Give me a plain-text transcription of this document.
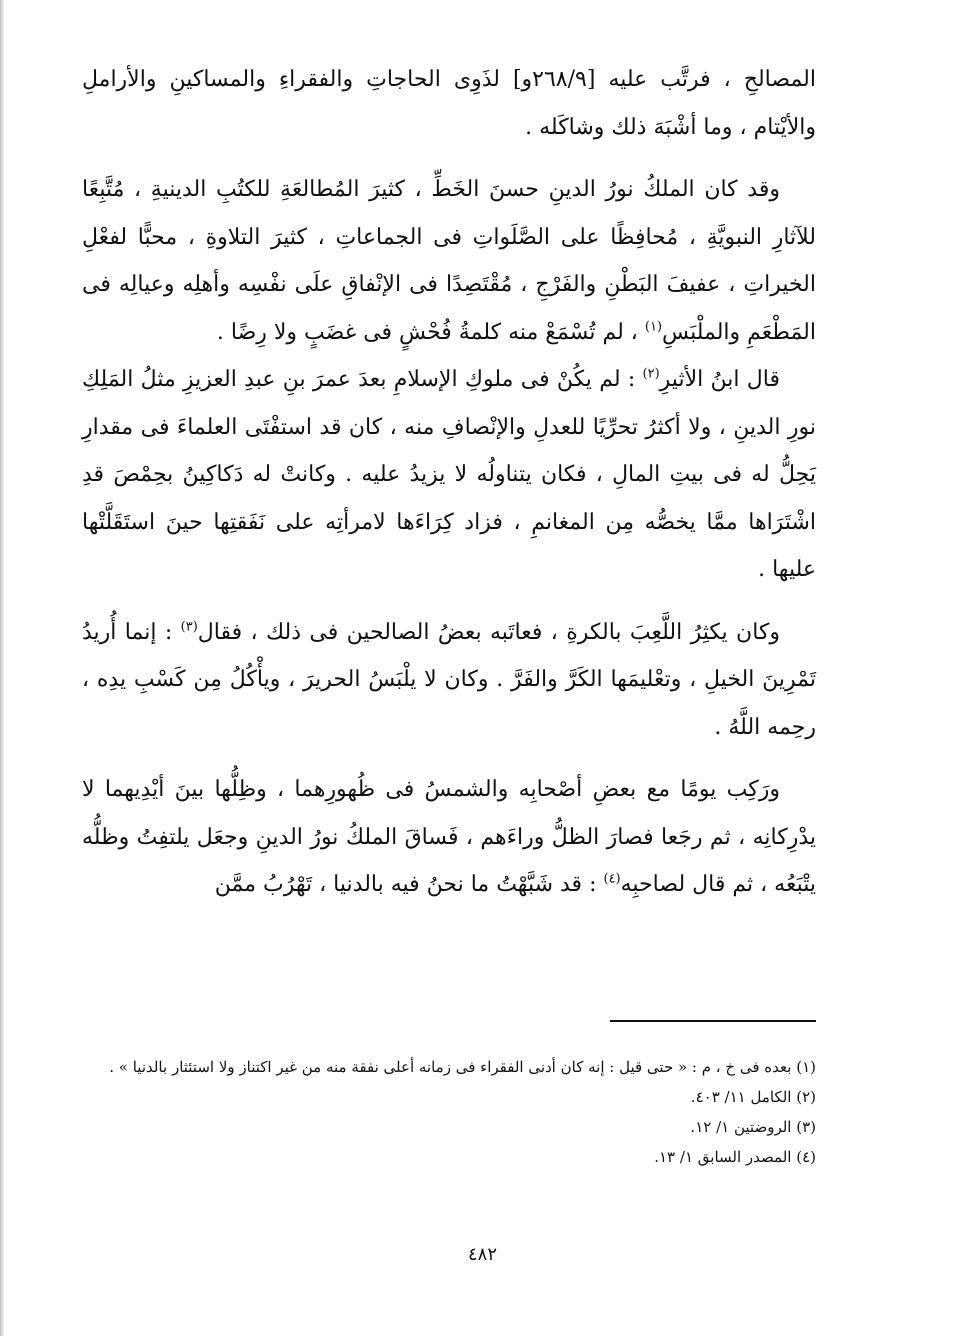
المصالحِ ، فرتَّب عليه [٢٦٨/٩و] لذَوِى الحاجاتِ والفقراءِ والمساكينِ والأراملِ والأيْتام ، وما أشْبَهَ ذلك وشاكَله .

وقد كان الملكُ نورُ الدينِ حسنَ الخَطِّ ، كثيرَ المُطالعَةِ للكتُبِ الدينيةِ ، مُتَّبِعًا للآثارِ النبويَّةِ ، مُحافِظًا على الصَّلَواتِ فى الجماعاتِ ، كثيرَ التلاوةِ ، محبًّا لفعْلِ الخيراتِ ، عفيفَ البَطْنِ والفَرْجِ ، مُقْتَصِدًا فى الإنْفاقِ علَى نفْسِه وأهلِه وعيالِه فى المَطْعَمِ والملْبَسِ$^{(١)}$ ، لم تُسْمَعْ منه كلمةُ فُحْشٍ فى غضَبٍ ولا رِضًا .

قال ابنُ الأثيرِ$^{(٢)}$ : لم يكُنْ فى ملوكِ الإسلامِ بعدَ عمرَ بنِ عبدِ العزيزِ مثلُ المَلِكِ نورِ الدينِ ، ولا أكثرُ تحرِّيًا للعدلِ والإنْصافِ منه ، كان قد استفْتَى العلماءَ فى مقدارِ يَحِلُّ له فى بيتِ المالِ ، فكان يتناولُه لا يزيدُ عليه . وكانتْ له دَكاكِينُ بحِمْصَ قدِ اشْتَرَاها ممَّا يخصُّه مِن المغانمِ ، فزاد كِرَاءَها لامرأتِه على نَفَقتِها حينَ استَقَلَّتْها عليها .

وكان يكثِرُ اللَّعِبَ بالكرةِ ، فعاتَبه بعضُ الصالحين فى ذلك ، فقال$^{(٣)}$ : إنما أُريدُ تَمْرِينَ الخيلِ ، وتعْليمَها الكَرَّ والفَرَّ . وكان لا يلْبَسُ الحريرَ ، ويأْكُلُ مِن كَسْبِ يدِه ، رحِمه اللَّهُ .

ورَكِب يومًا مع بعضِ أصْحابِه والشمسُ فى ظُهورِهما ، وظِلُّها بينَ أيْدِيهما لا يدْرِكانِه ، ثم رجَعا فصارَ الظلُّ وراءَهم ، فَساقَ الملكُ نورُ الدينِ وجعَل يلتفِتُ وظلُّه يتْبَعُه ، ثم قال لصاحبِه$^{(٤)}$ : قد شَبَّهْتُ ما نحنُ فيه بالدنيا ، تَهْرُبُ ممَّن

(١) بعده فى خ ، م : « حتى قيل : إنه كان أدنى الفقراء فى زمانه أعلى نفقة منه من غير اكتناز ولا استئثار بالدنيا » .

(٢) الكامل ١١/ ٤٠٣.

(٣) الروضتين ١/ ١٢.

(٤) المصدر السابق ١/ ١٣.

٤٨٢
